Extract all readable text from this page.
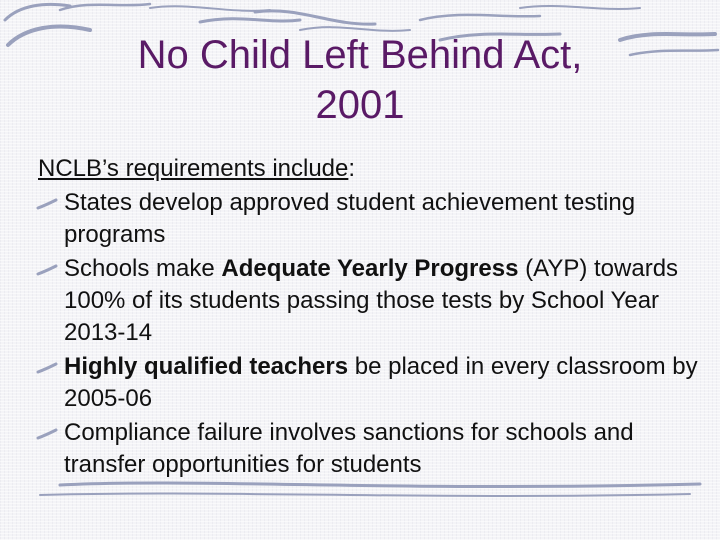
No Child Left Behind Act,
2001
NCLB’s requirements include:
States develop approved student achievement testing programs
Schools make Adequate Yearly Progress (AYP) towards 100% of its students passing those tests by School Year 2013-14
Highly qualified teachers be placed in every classroom by 2005-06
Compliance failure involves sanctions for schools and transfer opportunities for students
